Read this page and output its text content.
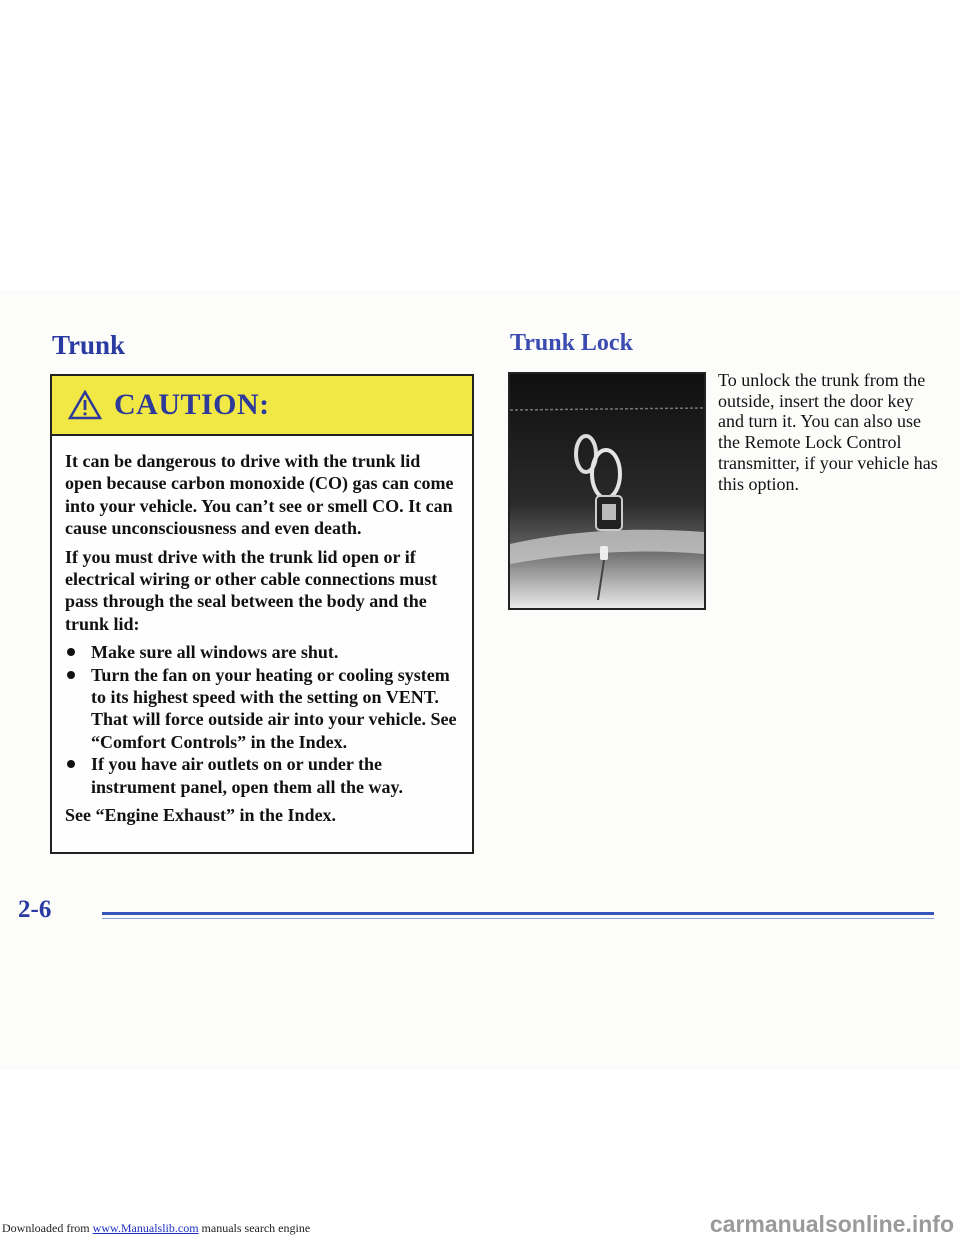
Trunk	Trunk Lock
CAUTION:

It can be dangerous to drive with the trunk lid open because carbon monoxide (CO) gas can come into your vehicle. You can’t see or smell CO. It can cause unconsciousness and even death.

If you must drive with the trunk lid open or if electrical wiring or other cable connections must pass through the seal between the body and the trunk lid:

Make sure all windows are shut.
Turn the fan on your heating or cooling system to its highest speed with the setting on VENT. That will force outside air into your vehicle. See “Comfort Controls” in the Index.
If you have air outlets on or under the instrument panel, open them all the way.

See “Engine Exhaust” in the Index.

To unlock the trunk from the outside, insert the door key and turn it. You can also use the Remote Lock Control transmitter, if your vehicle has this option.

2-6
Downloaded from www.Manualslib.com manuals search engine	carmanualsonline.info
